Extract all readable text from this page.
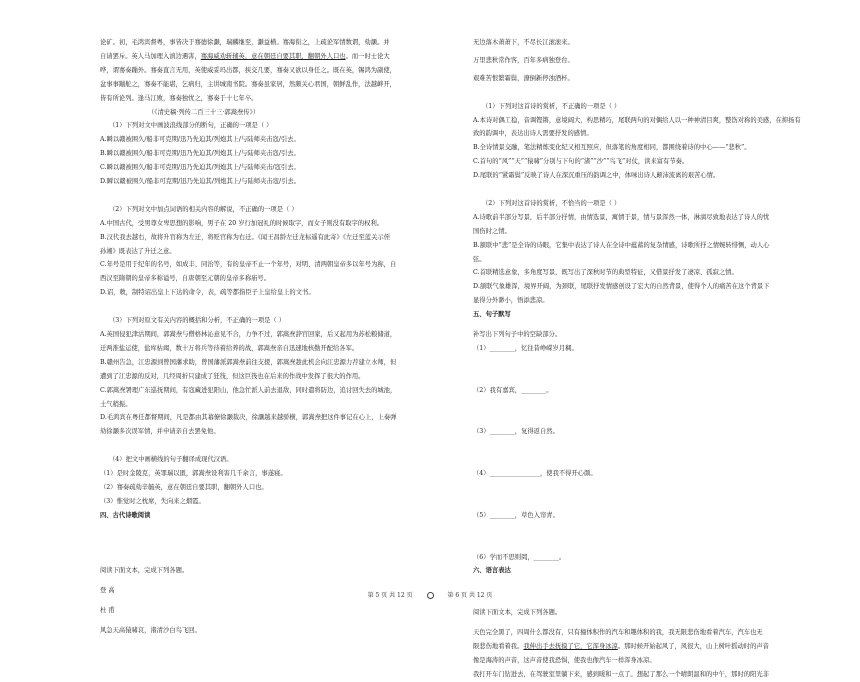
论矿。初，毛鸿宾督粤，事皆决于骞德徐灏，瑞麟继至，灏益横。骞海衔之，上疏论军情数谓，劾灏。并
自请罢斥。英人马加理入滇边遇害，骞海威劝斩辅英，意在朝廷自要其职，翻朝外人口也。而一时士论大
哗，谓骞奏蹦外。骞奏直言无用，英使威妥玛出都，挟交几要，骞奏又欲以身任之。既在英，锡鸿为副使，
盆事事蹦舵之，骞奏不能堪，乞病归，主讲城南书院。骞奏虽家居，然颇关心君国，朝鲜乱作，法越衅开，
皆有所论列。逢马江败，骞奏独忧之，骞奏于十七年卒。
（《清史稿·列传二百三十三·郭嵩焘传》）
（1）下列对文中画波浪线部分的断句，正确的一项是（ ）
A.瞬以赣被围久/船非可克期/迅乃先迫其/列炮其上/与陆师夹击寇/引去。
B.瞬以赣被围久/船非可克期/迅乃先迫其/列炮其上/与陆师夹击寇/引去。
C.瞬以赣被围久/船非可克期/迅乃先迫其/列炮其上/与陆师夹击/寇引去。
D.瞬以赣被围久/船非可克期/迅乃先迫其/列炮其上/与陆师夹击寇/引去。
（2）下列对文中加点词语的相关内容的解说，不正确的一项是（ ）
A.中国古代，受男尊女卑思想的影响，男子在 20 岁行加冠礼的时候取字，而女子则没有取字的权利。
B.汉代我去越右，故将升官称为左迁，将贬官称为右迁。《闻王昌龄左迁龙标遥有此寄》《左迁至蓝关示侄
孙湘》既表达了升迁之意。
C.年号是用于纪年的名号，如成丰、同治等，有的皇帝不止一个年号，对明、清两朝皇帝多以年号为称，自
西汉至隋朝的皇帝多称谥号，自唐朝至元朝的皇帝多称庙号。
D.诏，敕，制特诏出皇上下达的命令，表，疏等都指臣子上皇给皇上的文书。
（3）下列对原文有关内容的概括和分析，不正确的一项是（ ）
A.英国侵犯津沽期间，郭嵩焘与僧格林沁意见不合，力争不过，郭嵩焘辞官回家，后又起用为苏松粮储道，
迁两淮盐运使，盐库枯竭，数十万将兵等待着给养的战，郭嵩焘亲自迅速地核勤开配给各军。
B.赣州告急，江忠源到曾国藩求助，曾国藩派郭嵩焘前往支援，郭嵩焘趁此机会向江忠源力荐建立水师，但
遭到了江忠源的反对，几经周折只建成了狂筏，但这巨筏也在后来的作战中发挥了很大的作用。
C.郭嵩焘署理广东巡抚期间，有寇藏进犯阳山，他急忙派人前去退敌，同时遣将防边，追讨回失去的城池，
土气稍振。
D.毛鸿宾在粤任都督期间，凡是都由其幕僚徐灏裁决，徐灏越来越骄横，郭嵩焘把这件事记在心上，上奏弹
劾徐灏多次误军情，并申请亲自去罢免他。
（4）把文中画横线的句子翻译成现代汉语。
（1）是时金陵克，英罪瑞以匿，郭嵩焘设利害几千余言，事遂寝。
（2）骞奏疏劾辛毓英，意在朝廷自要其职，翻朝外人口也。
（3）惟觉时之枕席，失向来之烟霞。
四、古代诗歌阅读
阅读下面文本，完成下列各题。
登 高
杜 甫
风急天高猿啸哀，渚清沙白鸟飞回。
无边落木萧萧下，不尽长江滚滚来。
万里悲秋常作客，百年多病独登台。
艰难苦恨繁霜鬓，潦倒新停浊酒杯。
（1）下列对这首诗的赏析，不正确的一项是（ ）
A.本诗对偶工稳，音调铿锵，意境阔大，构思精巧，尾联两句的对偶给人以一种神清目爽，整饬对称的美感，在抑扬有
致的韵调中，表达出诗人需要抒发的感情。
B.全诗情景交融，笔法精炼变化纪又相互照应，但落笔的角度相同，都围绕着诗的中心——“悲秋”。
C.首句的“风”“天”“猿啸”分别与下句的“渚”“沙”“鸟飞”对仗，读来富有节奏。
D.尾联的“紧霜鬓”反映了诗人在深沉重压的韵调之中，体味出诗人颠沛流离的艰苦心情。
（2）下列对这首诗的赏析，不恰当的一项是（ ）
A.诗歌前半部分写景，后半部分抒情，由情选景，寓情于景，情与景浑然一体，淋漓尽致地表达了诗人的忧
国伤时之情。
B.颔联中“悲”是全诗的诗眼，它集中表达了诗人在全诗中蕴蓄的复杂情感，诗歌所抒之情婉转悱恻，动人心
弦。
C.首联精选意象，多角度写景，既写出了深秋时节的典型特征，又借景抒发了凄凉、孤寂之情。
D.颔联气象雄浑，境界开阔，为颈联，尾联抒发情感创设了宏大的自然背景，使得个人的痛苦在这个背景下
显得分外渺小，悟添悲凉。
五、句子默写
补写出下列句子中的空缺部分。
（1）________，忆往昔峥嵘岁月稠。
（2）我有嘉宾，________。
（3）________，复得返自然。
（4）________________，使我不得开心颜。
（5）________，草色入帘青。
（6）学而不思则罔，________。
六、语言表达
阅读下面文本，完成下列各题。
天色完全黑了，四周什么都没有，只有撞体积作的汽车和趣体积的我，我无限悲伤地看着汽车，汽车也无
限悲伤地看着我。我伸出手去抚摸了它，它浑身冰凉。那时候开始起风了，风很大，山上树叶摇动时的声音
像是海涛的声音，这声音使我恐惧，使我也像汽车一样浑身冰凉。
我打开车门钻进去，在驾驶室里躺下来，感到暖和一点了。想起了那么一个晴朗温和的中午，那时的阳光非
第 5 页 共 12 页	第 6 页 共 12 页
